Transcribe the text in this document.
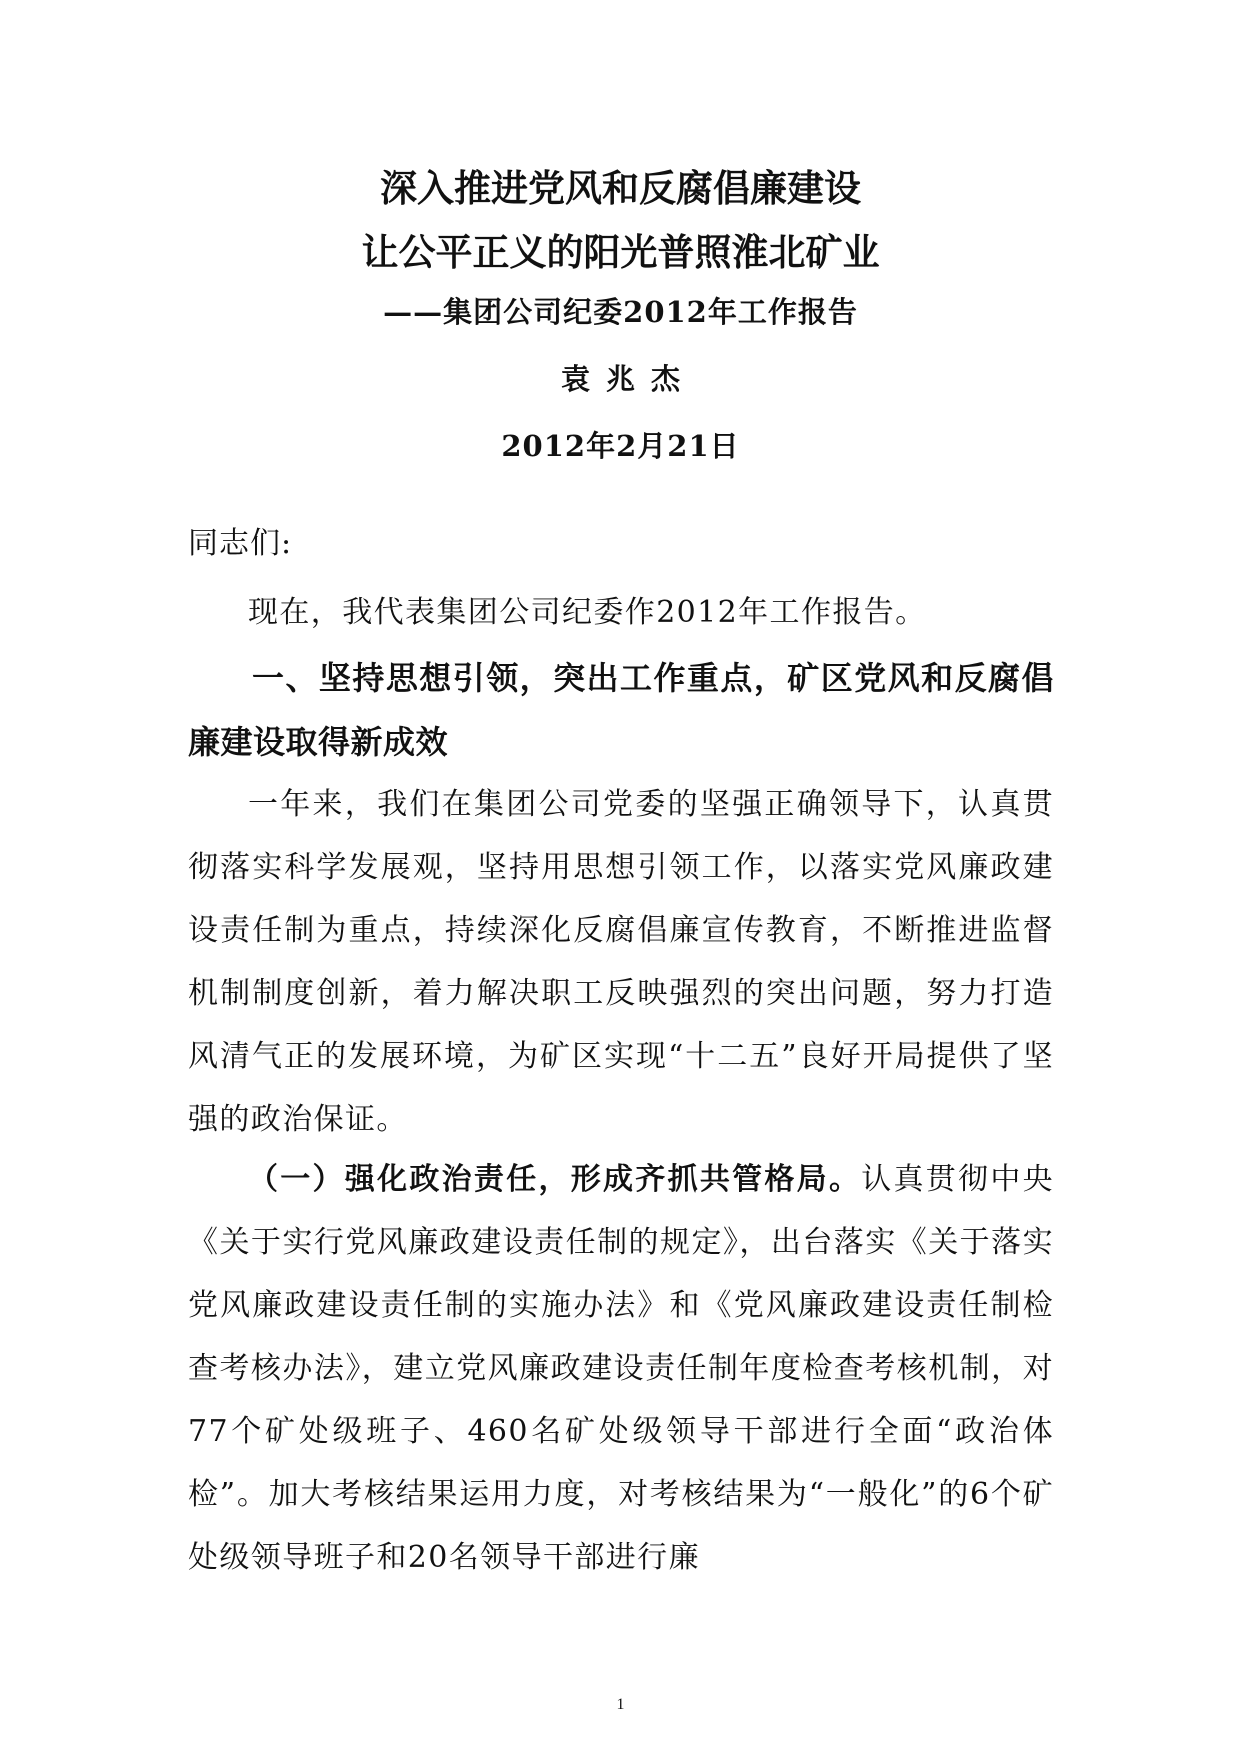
深入推进党风和反腐倡廉建设
让公平正义的阳光普照淮北矿业
——集团公司纪委2012年工作报告
袁兆杰
2012年2月21日
同志们:
现在，我代表集团公司纪委作2012年工作报告。
一、坚持思想引领，突出工作重点，矿区党风和反腐倡廉建设取得新成效

一年来，我们在集团公司党委的坚强正确领导下，认真贯彻落实科学发展观，坚持用思想引领工作，以落实党风廉政建设责任制为重点，持续深化反腐倡廉宣传教育，不断推进监督机制制度创新，着力解决职工反映强烈的突出问题，努力打造风清气正的发展环境，为矿区实现“十二五”良好开局提供了坚强的政治保证。

（一）强化政治责任，形成齐抓共管格局。认真贯彻中央《关于实行党风廉政建设责任制的规定》，出台落实《关于落实党风廉政建设责任制的实施办法》和《党风廉政建设责任制检查考核办法》，建立党风廉政建设责任制年度检查考核机制，对77个矿处级班子、460名矿处级领导干部进行全面“政治体检”。加大考核结果运用力度，对考核结果为“一般化”的6个矿处级领导班子和20名领导干部进行廉

1
